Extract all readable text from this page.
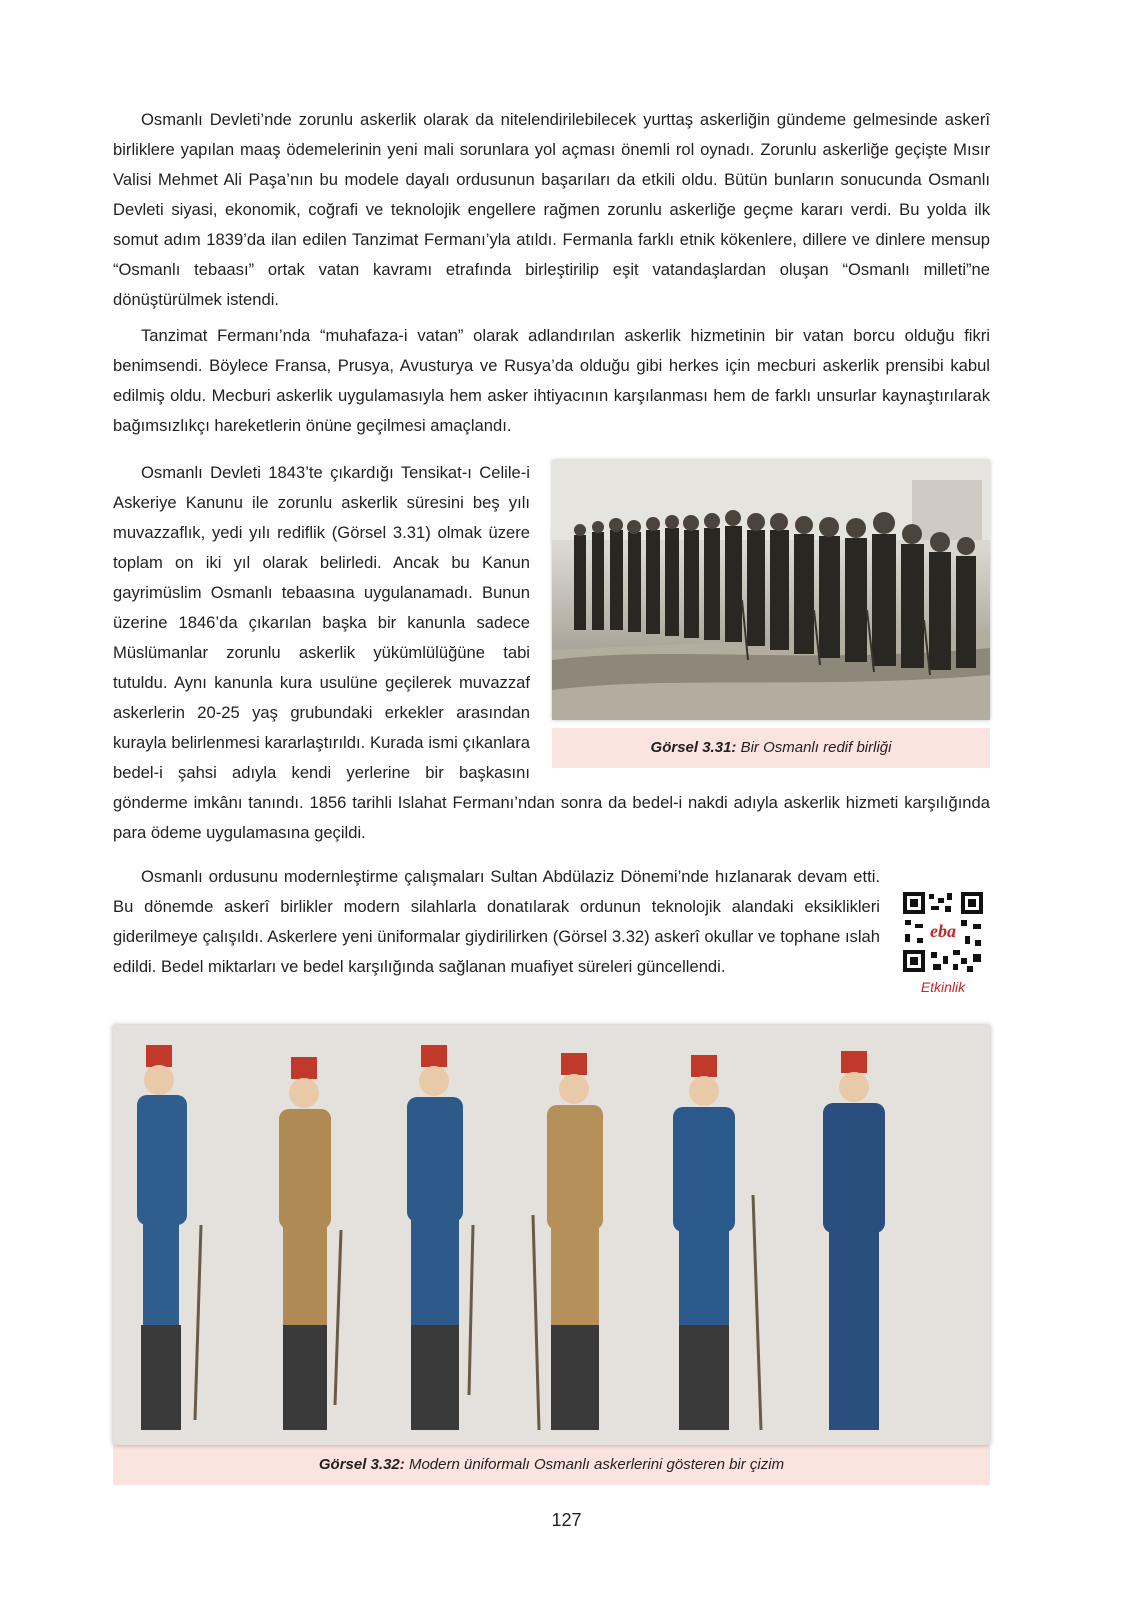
Osmanlı Devleti’nde zorunlu askerlik olarak da nitelendirilebilecek yurttaş askerliğin gündeme gelmesinde askerî birliklere yapılan maaş ödemelerinin yeni mali sorunlara yol açması önemli rol oynadı. Zorunlu askerliğe geçişte Mısır Valisi Mehmet Ali Paşa’nın bu modele dayalı ordusunun başarıları da etkili oldu. Bütün bunların sonucunda Osmanlı Devleti siyasi, ekonomik, coğrafi ve teknolojik engellere rağmen zorunlu askerliğe geçme kararı verdi. Bu yolda ilk somut adım 1839’da ilan edilen Tanzimat Fermanı’yla atıldı. Fermanla farklı etnik kökenlere, dillere ve dinlere mensup “Osmanlı tebaası” ortak vatan kavramı etrafında birleştirilip eşit vatandaşlardan oluşan “Osmanlı milleti”ne dönüştürülmek istendi.

Tanzimat Fermanı’nda “muhafaza-i vatan” olarak adlandırılan askerlik hizmetinin bir vatan borcu olduğu fikri benimsendi. Böylece Fransa, Prusya, Avusturya ve Rusya’da olduğu gibi herkes için mecburi askerlik prensibi kabul edilmiş oldu. Mecburi askerlik uygulamasıyla hem asker ihtiyacının karşılanması hem de farklı unsurlar kaynaştırılarak bağımsızlıkçı hareketlerin önüne geçilmesi amaçlandı.

Görsel 3.31: Bir Osmanlı redif birliği

Osmanlı Devleti 1843’te çıkardığı Tensikat-ı Celile-i Askeriye Kanunu ile zorunlu askerlik süresini beş yılı muvazzaflık, yedi yılı rediflik (Görsel 3.31) olmak üzere toplam on iki yıl olarak belirledi. Ancak bu Kanun gayrimüslim Osmanlı tebaasına uygulanamadı. Bunun üzerine 1846’da çıkarılan başka bir kanunla sadece Müslümanlar zorunlu askerlik yükümlülüğüne tabi tutuldu. Aynı kanunla kura usulüne geçilerek muvazzaf askerlerin 20-25 yaş grubundaki erkekler arasından kurayla belirlenmesi kararlaştırıldı. Kurada ismi çıkanlara bedel-i şahsi adıyla kendi yerlerine bir başkasını gönderme imkânı tanındı. 1856 tarihli Islahat Fermanı’ndan sonra da bedel-i nakdi adıyla askerlik hizmeti karşılığında para ödeme uygulamasına geçildi.

eba
Etkinlik

Osmanlı ordusunu modernleştirme çalışmaları Sultan Abdülaziz Dönemi’nde hızlanarak devam etti. Bu dönemde askerî birlikler modern silahlarla donatılarak ordunun teknolojik alandaki eksiklikleri giderilmeye çalışıldı. Askerlere yeni üniformalar giydirilirken (Görsel 3.32) askerî okullar ve tophane ıslah edildi. Bedel miktarları ve bedel karşılığında sağlanan muafiyet süreleri güncellendi.

Görsel 3.32: Modern üniformalı Osmanlı askerlerini gösteren bir çizim
127
